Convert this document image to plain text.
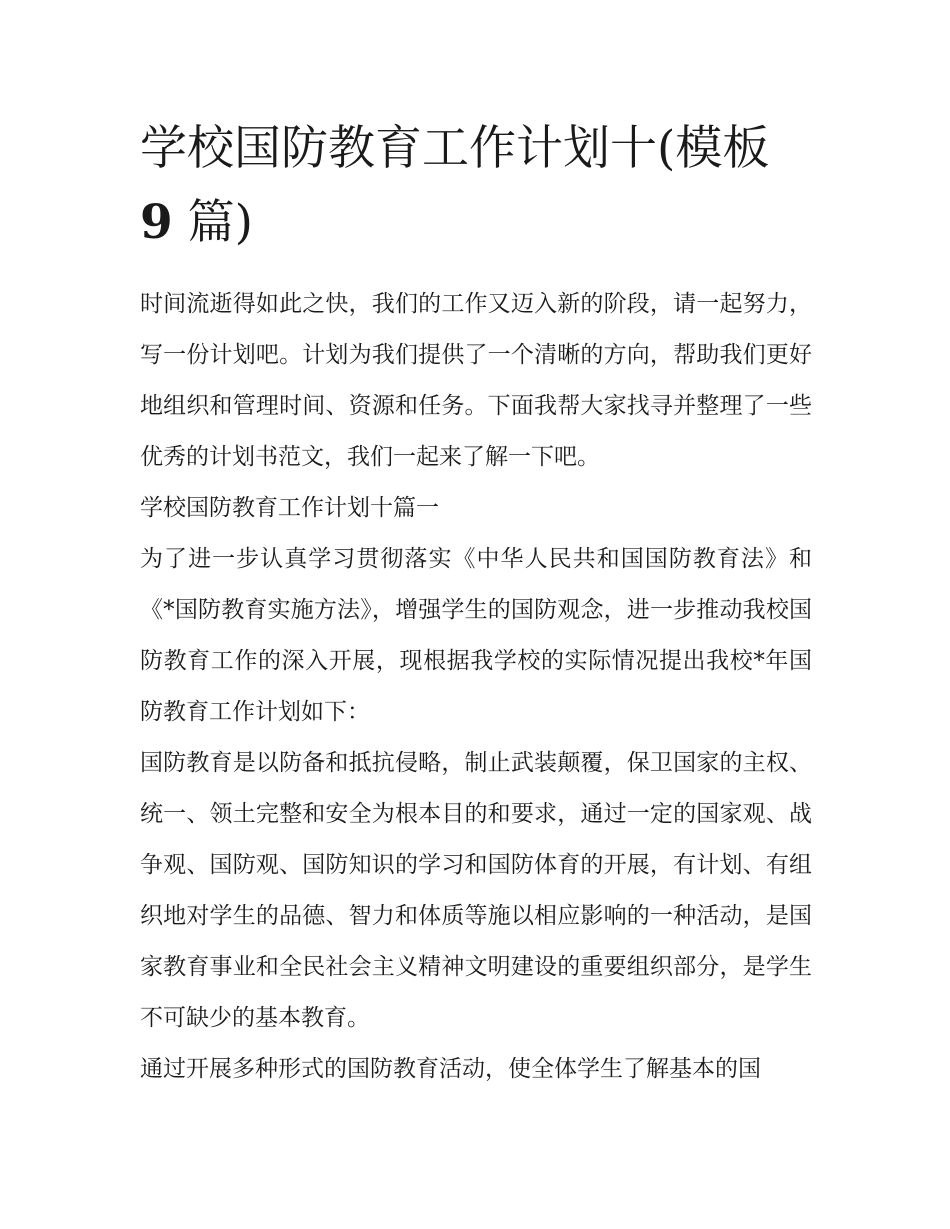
学校国防教育工作计划十(模板
9 篇)

时间流逝得如此之快，我们的工作又迈入新的阶段，请一起努力，写一份计划吧。计划为我们提供了一个清晰的方向，帮助我们更好地组织和管理时间、资源和任务。下面我帮大家找寻并整理了一些优秀的计划书范文，我们一起来了解一下吧。

学校国防教育工作计划十篇一

为了进一步认真学习贯彻落实《中华人民共和国国防教育法》和《*国防教育实施方法》，增强学生的国防观念，进一步推动我校国防教育工作的深入开展，现根据我学校的实际情况提出我校*年国防教育工作计划如下：

国防教育是以防备和抵抗侵略，制止武装颠覆，保卫国家的主权、统一、领土完整和安全为根本目的和要求，通过一定的国家观、战争观、国防观、国防知识的学习和国防体育的开展，有计划、有组织地对学生的品德、智力和体质等施以相应影响的一种活动，是国家教育事业和全民社会主义精神文明建设的重要组织部分，是学生不可缺少的基本教育。

通过开展多种形式的国防教育活动，使全体学生了解基本的国
